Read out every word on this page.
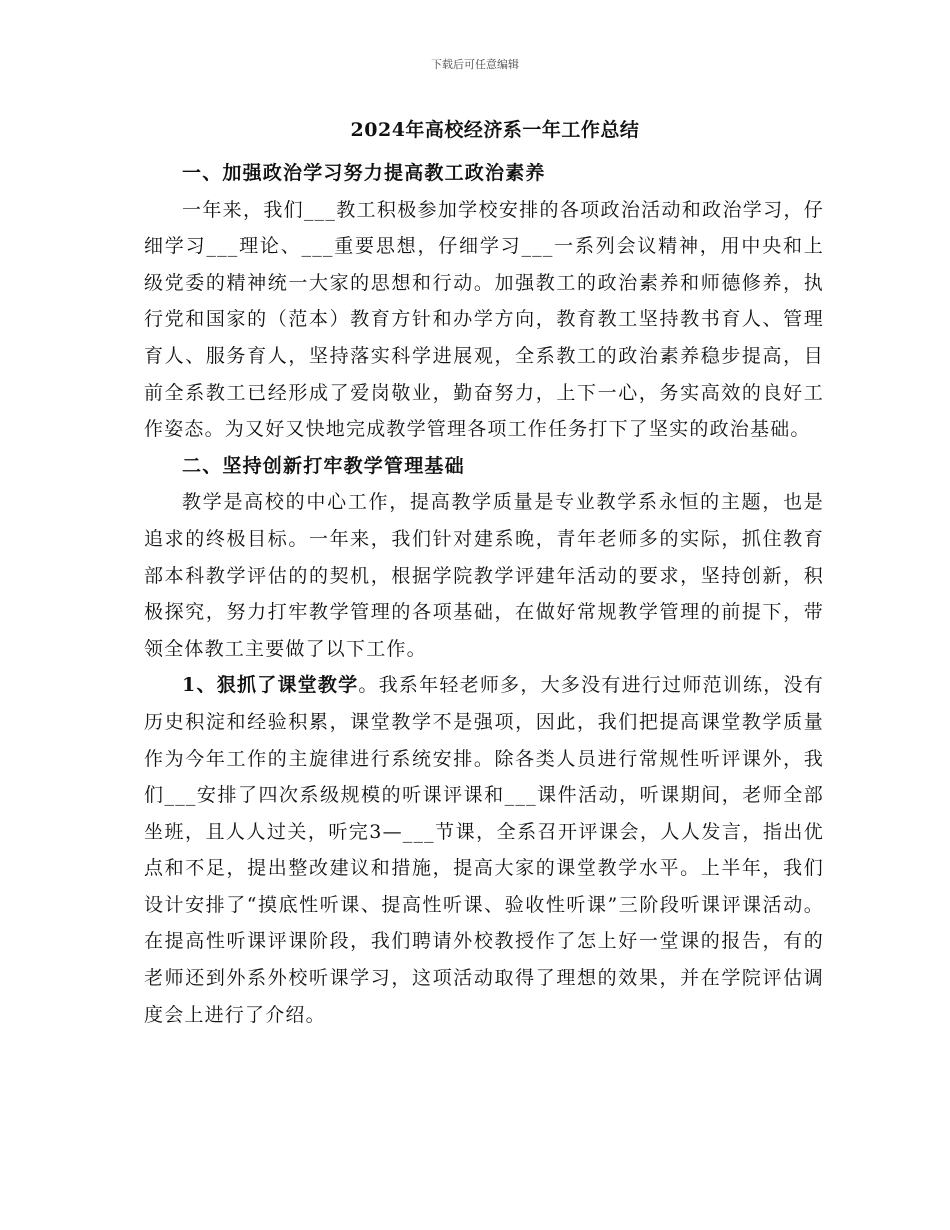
下载后可任意编辑
2024年高校经济系一年工作总结

一、加强政治学习努力提高教工政治素养

一年来，我们___教工积极参加学校安排的各项政治活动和政治学习，仔细学习___理论、___重要思想，仔细学习___一系列会议精神，用中央和上级党委的精神统一大家的思想和行动。加强教工的政治素养和师德修养，执行党和国家的（范本）教育方针和办学方向，教育教工坚持教书育人、管理育人、服务育人，坚持落实科学进展观，全系教工的政治素养稳步提高，目前全系教工已经形成了爱岗敬业，勤奋努力，上下一心，务实高效的良好工作姿态。为又好又快地完成教学管理各项工作任务打下了坚实的政治基础。

二、坚持创新打牢教学管理基础

教学是高校的中心工作，提高教学质量是专业教学系永恒的主题，也是追求的终极目标。一年来，我们针对建系晚，青年老师多的实际，抓住教育部本科教学评估的的契机，根据学院教学评建年活动的要求，坚持创新，积极探究，努力打牢教学管理的各项基础，在做好常规教学管理的前提下，带领全体教工主要做了以下工作。

1、狠抓了课堂教学。我系年轻老师多，大多没有进行过师范训练，没有历史积淀和经验积累，课堂教学不是强项，因此，我们把提高课堂教学质量作为今年工作的主旋律进行系统安排。除各类人员进行常规性听评课外，我们___安排了四次系级规模的听课评课和___课件活动，听课期间，老师全部坐班，且人人过关，听完3—___节课，全系召开评课会，人人发言，指出优点和不足，提出整改建议和措施，提高大家的课堂教学水平。上半年，我们设计安排了“摸底性听课、提高性听课、验收性听课”三阶段听课评课活动。在提高性听课评课阶段，我们聘请外校教授作了怎上好一堂课的报告，有的老师还到外系外校听课学习，这项活动取得了理想的效果，并在学院评估调度会上进行了介绍。
